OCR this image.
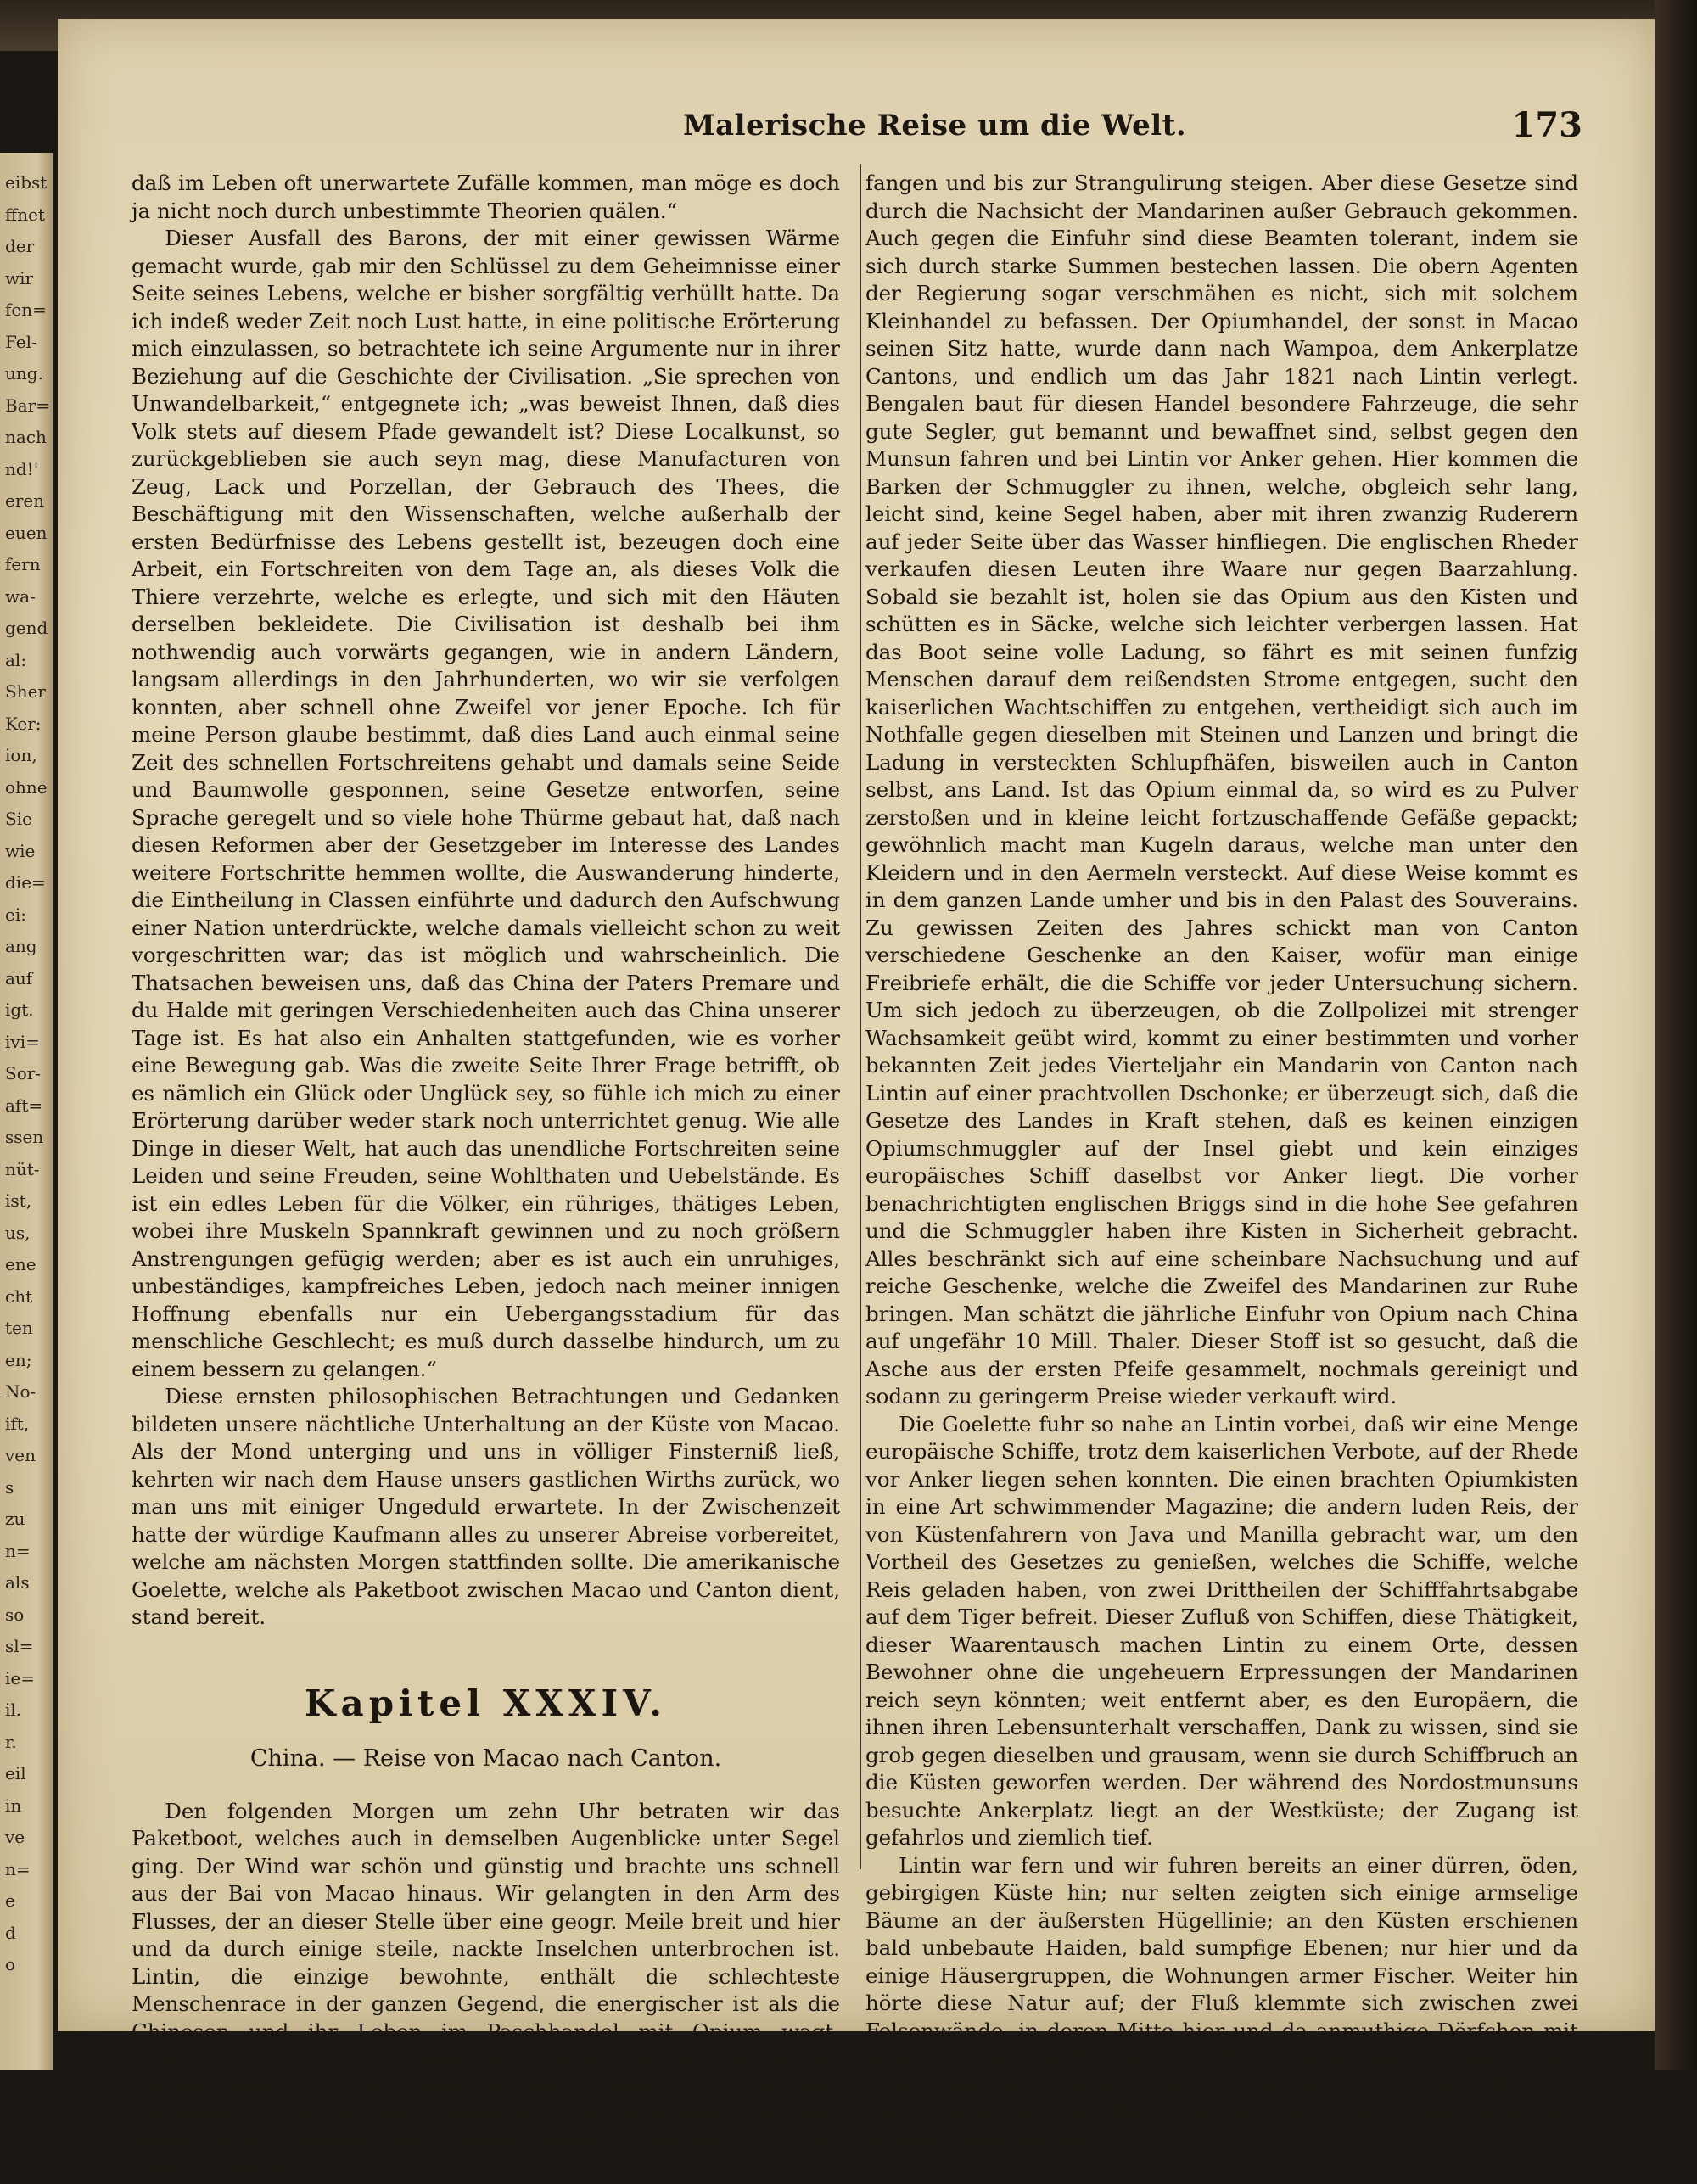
eibst
ffnet
der
wir
fen=
Fel-
ung.
Bar=
nach
nd!'
eren
euen
fern
wa-
gend
al:
Sher
Ker:
ion,
ohne
Sie
wie
die=
ei:
ang
auf
igt.
ivi=
Sor-
aft=
ssen
nüt-
ist,
us,
ene
cht
ten
en;
No-
ift,
ven
s
zu
n=
als
so
sl=
ie=
il.
r.
eil
in
ve
n=
e
d
o
Malerische Reise um die Welt.	173

daß im Leben oft unerwartete Zufälle kommen, man möge es doch ja nicht noch durch unbestimmte Theorien quälen.“

Dieser Ausfall des Barons, der mit einer gewissen Wärme gemacht wurde, gab mir den Schlüssel zu dem Geheimnisse einer Seite seines Lebens, welche er bisher sorgfältig verhüllt hatte. Da ich indeß weder Zeit noch Lust hatte, in eine politische Erörterung mich einzulassen, so betrachtete ich seine Argumente nur in ihrer Beziehung auf die Geschichte der Civilisation. „Sie sprechen von Unwandelbarkeit,“ entgegnete ich; „was beweist Ihnen, daß dies Volk stets auf diesem Pfade gewandelt ist? Diese Localkunst, so zurückgeblieben sie auch seyn mag, diese Manufacturen von Zeug, Lack und Porzellan, der Gebrauch des Thees, die Beschäftigung mit den Wissenschaften, welche außerhalb der ersten Bedürfnisse des Lebens gestellt ist, bezeugen doch eine Arbeit, ein Fortschreiten von dem Tage an, als dieses Volk die Thiere verzehrte, welche es erlegte, und sich mit den Häuten derselben bekleidete. Die Civilisation ist deshalb bei ihm nothwendig auch vorwärts gegangen, wie in andern Ländern, langsam allerdings in den Jahrhunderten, wo wir sie verfolgen konnten, aber schnell ohne Zweifel vor jener Epoche. Ich für meine Person glaube bestimmt, daß dies Land auch einmal seine Zeit des schnellen Fortschreitens gehabt und damals seine Seide und Baumwolle gesponnen, seine Gesetze entworfen, seine Sprache geregelt und so viele hohe Thürme gebaut hat, daß nach diesen Reformen aber der Gesetzgeber im Interesse des Landes weitere Fortschritte hemmen wollte, die Auswanderung hinderte, die Eintheilung in Classen einführte und dadurch den Aufschwung einer Nation unterdrückte, welche damals vielleicht schon zu weit vorgeschritten war; das ist möglich und wahrscheinlich. Die Thatsachen beweisen uns, daß das China der Paters Premare und du Halde mit geringen Verschiedenheiten auch das China unserer Tage ist. Es hat also ein Anhalten stattgefunden, wie es vorher eine Bewegung gab. Was die zweite Seite Ihrer Frage betrifft, ob es nämlich ein Glück oder Unglück sey, so fühle ich mich zu einer Erörterung darüber weder stark noch unterrichtet genug. Wie alle Dinge in dieser Welt, hat auch das unendliche Fortschreiten seine Leiden und seine Freuden, seine Wohlthaten und Uebelstände. Es ist ein edles Leben für die Völker, ein rühriges, thätiges Leben, wobei ihre Muskeln Spannkraft gewinnen und zu noch größern Anstrengungen gefügig werden; aber es ist auch ein unruhiges, unbeständiges, kampfreiches Leben, jedoch nach meiner innigen Hoffnung ebenfalls nur ein Uebergangsstadium für das menschliche Geschlecht; es muß durch dasselbe hindurch, um zu einem bessern zu gelangen.“

Diese ernsten philosophischen Betrachtungen und Gedanken bildeten unsere nächtliche Unterhaltung an der Küste von Macao. Als der Mond unterging und uns in völliger Finsterniß ließ, kehrten wir nach dem Hause unsers gastlichen Wirths zurück, wo man uns mit einiger Ungeduld erwartete. In der Zwischenzeit hatte der würdige Kaufmann alles zu unserer Abreise vorbereitet, welche am nächsten Morgen stattfinden sollte. Die amerikanische Goelette, welche als Paketboot zwischen Macao und Canton dient, stand bereit.

Kapitel XXXIV.
China. — Reise von Macao nach Canton.

Den folgenden Morgen um zehn Uhr betraten wir das Paketboot, welches auch in demselben Augenblicke unter Segel ging. Der Wind war schön und günstig und brachte uns schnell aus der Bai von Macao hinaus. Wir gelangten in den Arm des Flusses, der an dieser Stelle über eine geogr. Meile breit und hier und da durch einige steile, nackte Inselchen unterbrochen ist. Lintin, die einzige bewohnte, enthält die schlechteste Menschenrace in der ganzen Gegend, die energischer ist als die Chinesen und ihr Leben im Paschhandel mit Opium wagt. Obgleich der Gebrauch dieses narkotischen Mittels im ganzen Reiche gewöhnlich ist, wird es doch gesetzlich unter den härtesten Strafen verboten. Diejenigen, welche es verkaufen oder verbrauchen, werden mit Strafen bedroht, welche von der Bastonnade an-

fangen und bis zur Strangulirung steigen. Aber diese Gesetze sind durch die Nachsicht der Mandarinen außer Gebrauch gekommen. Auch gegen die Einfuhr sind diese Beamten tolerant, indem sie sich durch starke Summen bestechen lassen. Die obern Agenten der Regierung sogar verschmähen es nicht, sich mit solchem Kleinhandel zu befassen. Der Opiumhandel, der sonst in Macao seinen Sitz hatte, wurde dann nach Wampoa, dem Ankerplatze Cantons, und endlich um das Jahr 1821 nach Lintin verlegt. Bengalen baut für diesen Handel besondere Fahrzeuge, die sehr gute Segler, gut bemannt und bewaffnet sind, selbst gegen den Munsun fahren und bei Lintin vor Anker gehen. Hier kommen die Barken der Schmuggler zu ihnen, welche, obgleich sehr lang, leicht sind, keine Segel haben, aber mit ihren zwanzig Ruderern auf jeder Seite über das Wasser hinfliegen. Die englischen Rheder verkaufen diesen Leuten ihre Waare nur gegen Baarzahlung. Sobald sie bezahlt ist, holen sie das Opium aus den Kisten und schütten es in Säcke, welche sich leichter verbergen lassen. Hat das Boot seine volle Ladung, so fährt es mit seinen funfzig Menschen darauf dem reißendsten Strome entgegen, sucht den kaiserlichen Wachtschiffen zu entgehen, vertheidigt sich auch im Nothfalle gegen dieselben mit Steinen und Lanzen und bringt die Ladung in versteckten Schlupfhäfen, bisweilen auch in Canton selbst, ans Land. Ist das Opium einmal da, so wird es zu Pulver zerstoßen und in kleine leicht fortzuschaffende Gefäße gepackt; gewöhnlich macht man Kugeln daraus, welche man unter den Kleidern und in den Aermeln versteckt. Auf diese Weise kommt es in dem ganzen Lande umher und bis in den Palast des Souverains. Zu gewissen Zeiten des Jahres schickt man von Canton verschiedene Geschenke an den Kaiser, wofür man einige Freibriefe erhält, die die Schiffe vor jeder Untersuchung sichern. Um sich jedoch zu überzeugen, ob die Zollpolizei mit strenger Wachsamkeit geübt wird, kommt zu einer bestimmten und vorher bekannten Zeit jedes Vierteljahr ein Mandarin von Canton nach Lintin auf einer prachtvollen Dschonke; er überzeugt sich, daß die Gesetze des Landes in Kraft stehen, daß es keinen einzigen Opiumschmuggler auf der Insel giebt und kein einziges europäisches Schiff daselbst vor Anker liegt. Die vorher benachrichtigten englischen Briggs sind in die hohe See gefahren und die Schmuggler haben ihre Kisten in Sicherheit gebracht. Alles beschränkt sich auf eine scheinbare Nachsuchung und auf reiche Geschenke, welche die Zweifel des Mandarinen zur Ruhe bringen. Man schätzt die jährliche Einfuhr von Opium nach China auf ungefähr 10 Mill. Thaler. Dieser Stoff ist so gesucht, daß die Asche aus der ersten Pfeife gesammelt, nochmals gereinigt und sodann zu geringerm Preise wieder verkauft wird.

Die Goelette fuhr so nahe an Lintin vorbei, daß wir eine Menge europäische Schiffe, trotz dem kaiserlichen Verbote, auf der Rhede vor Anker liegen sehen konnten. Die einen brachten Opiumkisten in eine Art schwimmender Magazine; die andern luden Reis, der von Küstenfahrern von Java und Manilla gebracht war, um den Vortheil des Gesetzes zu genießen, welches die Schiffe, welche Reis geladen haben, von zwei Drittheilen der Schifffahrtsabgabe auf dem Tiger befreit. Dieser Zufluß von Schiffen, diese Thätigkeit, dieser Waarentausch machen Lintin zu einem Orte, dessen Bewohner ohne die ungeheuern Erpressungen der Mandarinen reich seyn könnten; weit entfernt aber, es den Europäern, die ihnen ihren Lebensunterhalt verschaffen, Dank zu wissen, sind sie grob gegen dieselben und grausam, wenn sie durch Schiffbruch an die Küsten geworfen werden. Der während des Nordostmunsuns besuchte Ankerplatz liegt an der Westküste; der Zugang ist gefahrlos und ziemlich tief.

Lintin war fern und wir fuhren bereits an einer dürren, öden, gebirgigen Küste hin; nur selten zeigten sich einige armselige Bäume an der äußersten Hügellinie; an den Küsten erschienen bald unbebaute Haiden, bald sumpfige Ebenen; nur hier und da einige Häusergruppen, die Wohnungen armer Fischer. Weiter hin hörte diese Natur auf; der Fluß klemmte sich zwischen zwei Felsenwände, in deren Mitte hier und da anmuthige Dörfchen mit einem Gürtel von Blumen- und Baumgärten hervorschimmerten. Kriegs- und Handelsdschonken, Schampans von jeder Farbe und Größe bedeckten den Fluß und kreuzten sich in jeder Richtung, während eine Menge
